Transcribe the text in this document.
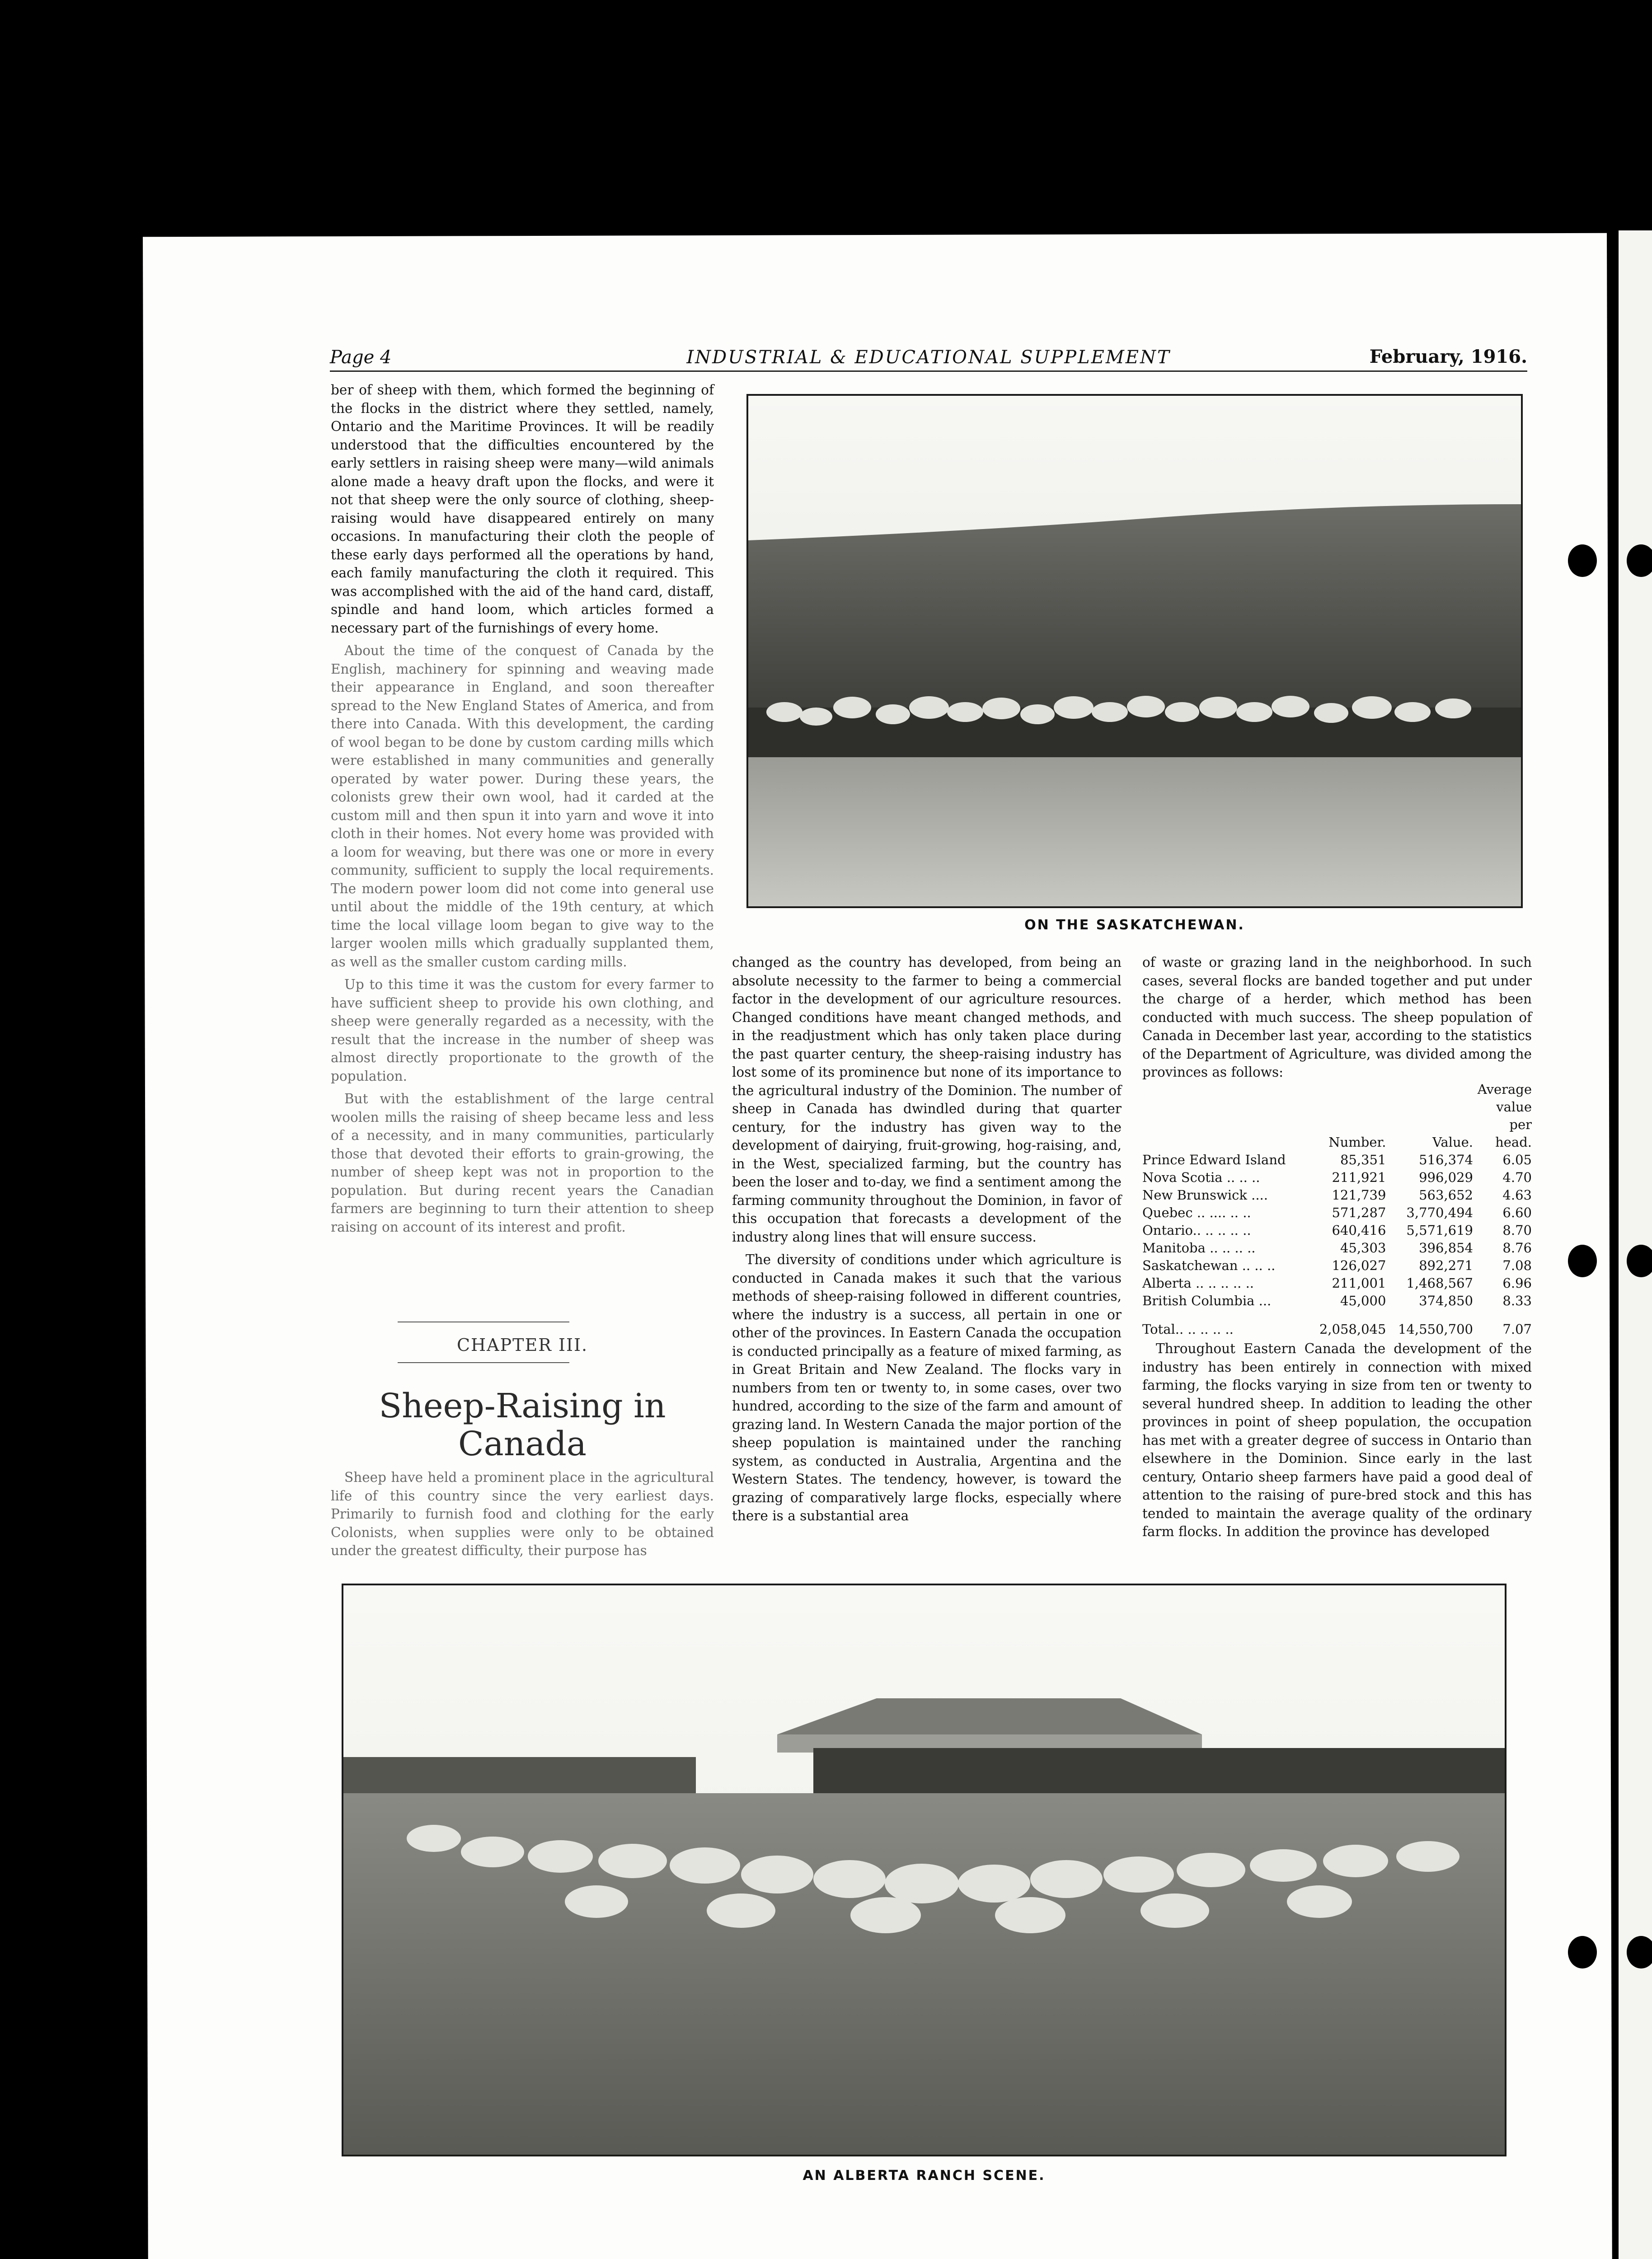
Page 4	INDUSTRIAL & EDUCATIONAL SUPPLEMENT	February, 1916.

ber of sheep with them, which formed the beginning of the flocks in the district where they settled, namely, Ontario and the Maritime Provinces. It will be readily understood that the difficulties encountered by the early settlers in raising sheep were many—wild animals alone made a heavy draft upon the flocks, and were it not that sheep were the only source of clothing, sheep-raising would have disappeared entirely on many occasions. In manufacturing their cloth the people of these early days performed all the operations by hand, each family manufacturing the cloth it required. This was accomplished with the aid of the hand card, distaff, spindle and hand loom, which articles formed a necessary part of the furnishings of every home.

About the time of the conquest of Canada by the English, machinery for spinning and weaving made their appearance in England, and soon thereafter spread to the New England States of America, and from there into Canada. With this development, the carding of wool began to be done by custom carding mills which were established in many communities and generally operated by water power. During these years, the colonists grew their own wool, had it carded at the custom mill and then spun it into yarn and wove it into cloth in their homes. Not every home was provided with a loom for weaving, but there was one or more in every community, sufficient to supply the local requirements. The modern power loom did not come into general use until about the middle of the 19th century, at which time the local village loom began to give way to the larger woolen mills which gradually supplanted them, as well as the smaller custom carding mills.

Up to this time it was the custom for every farmer to have sufficient sheep to provide his own clothing, and sheep were generally regarded as a necessity, with the result that the increase in the number of sheep was almost directly proportionate to the growth of the population.

But with the establishment of the large central woolen mills the raising of sheep became less and less of a necessity, and in many communities, particularly those that devoted their efforts to grain-growing, the number of sheep kept was not in proportion to the population. But during recent years the Canadian farmers are beginning to turn their attention to sheep raising on account of its interest and profit.

CHAPTER III.
Sheep-Raising in Canada

Sheep have held a prominent place in the agricultural life of this country since the very earliest days. Primarily to furnish food and clothing for the early Colonists, when supplies were only to be obtained under the greatest difficulty, their purpose has

ON THE SASKATCHEWAN.

changed as the country has developed, from being an absolute necessity to the farmer to being a commercial factor in the development of our agriculture resources. Changed conditions have meant changed methods, and in the readjustment which has only taken place during the past quarter century, the sheep-raising industry has lost some of its prominence but none of its importance to the agricultural industry of the Dominion. The number of sheep in Canada has dwindled during that quarter century, for the industry has given way to the development of dairying, fruit-growing, hog-raising, and, in the West, specialized farming, but the country has been the loser and to-day, we find a sentiment among the farming community throughout the Dominion, in favor of this occupation that forecasts a development of the industry along lines that will ensure success.

The diversity of conditions under which agriculture is conducted in Canada makes it such that the various methods of sheep-raising followed in different countries, where the industry is a success, all pertain in one or other of the provinces. In Eastern Canada the occupation is conducted principally as a feature of mixed farming, as in Great Britain and New Zealand. The flocks vary in numbers from ten or twenty to, in some cases, over two hundred, according to the size of the farm and amount of grazing land. In Western Canada the major portion of the sheep population is maintained under the ranching system, as conducted in Australia, Argentina and the Western States. The tendency, however, is toward the grazing of comparatively large flocks, especially where there is a substantial area

of waste or grazing land in the neighborhood. In such cases, several flocks are banded together and put under the charge of a herder, which method has been conducted with much success. The sheep population of Canada in December last year, according to the statistics of the Department of Agriculture, was divided among the provinces as follows:

	Number.	Value.	Average value per head.
Prince Edward Island	85,351	516,374	6.05
Nova Scotia .. .. ..	211,921	996,029	4.70
New Brunswick ....	121,739	563,652	4.63
Quebec .. .... .. ..	571,287	3,770,494	6.60
Ontario.. .. .. .. ..	640,416	5,571,619	8.70
Manitoba .. .. .. ..	45,303	396,854	8.76
Saskatchewan .. .. ..	126,027	892,271	7.08
Alberta .. .. .. .. ..	211,001	1,468,567	6.96
British Columbia ...	45,000	374,850	8.33

Total.. .. .. .. ..	2,058,045	14,550,700	7.07

Throughout Eastern Canada the development of the industry has been entirely in connection with mixed farming, the flocks varying in size from ten or twenty to several hundred sheep. In addition to leading the other provinces in point of sheep population, the occupation has met with a greater degree of success in Ontario than elsewhere in the Dominion. Since early in the last century, Ontario sheep farmers have paid a good deal of attention to the raising of pure-bred stock and this has tended to maintain the average quality of the ordinary farm flocks. In addition the province has developed

AN ALBERTA RANCH SCENE.
